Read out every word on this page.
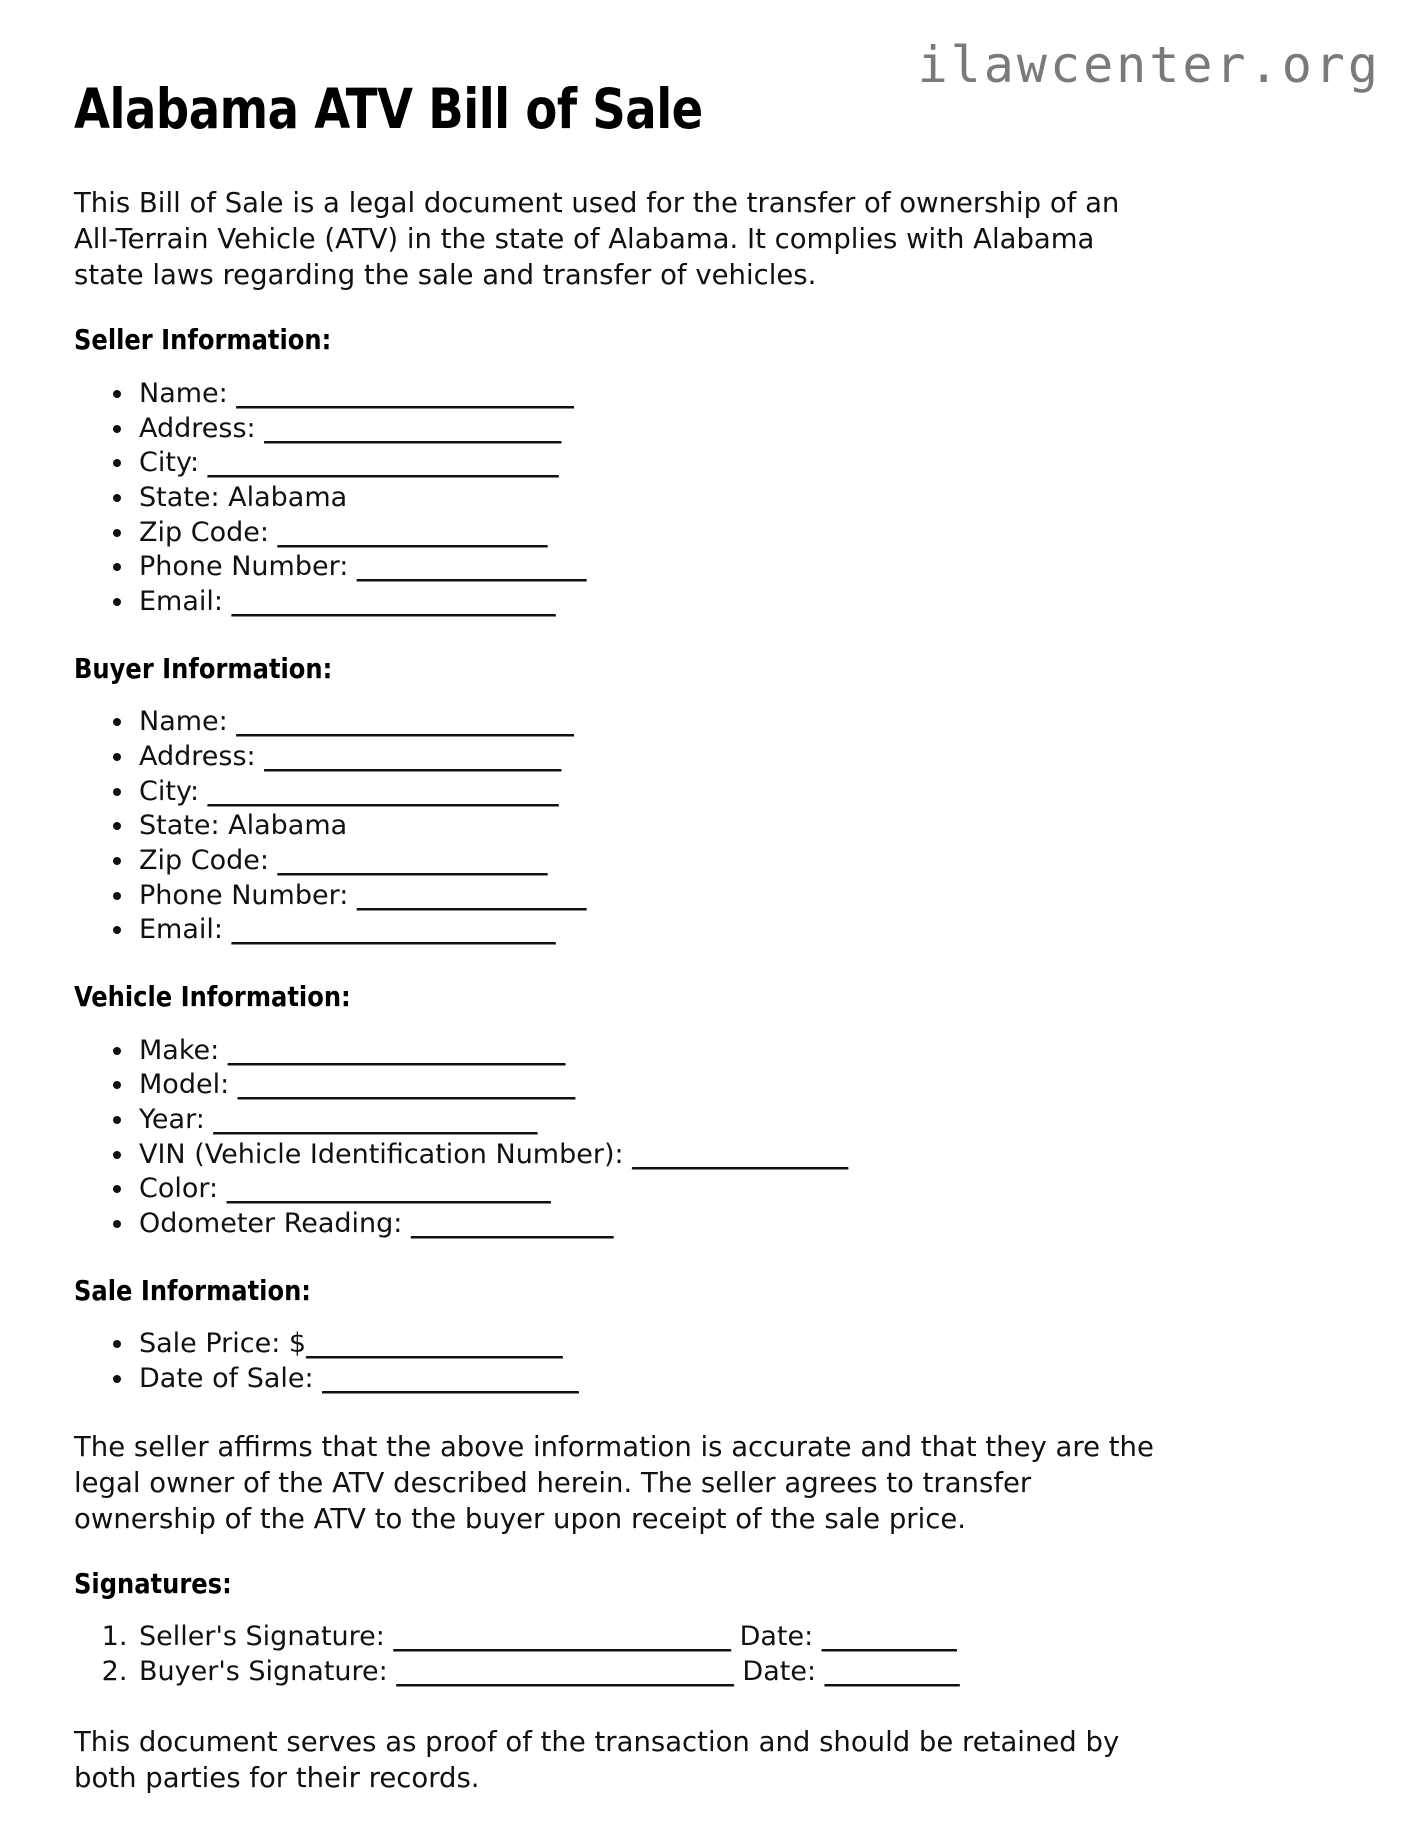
ilawcenter.org
Alabama ATV Bill of Sale

This Bill of Sale is a legal document used for the transfer of ownership of an All-Terrain Vehicle (ATV) in the state of Alabama. It complies with Alabama state laws regarding the sale and transfer of vehicles.

Seller Information:
• Name: _________________________
• Address: ______________________
• City: __________________________
• State: Alabama
• Zip Code: ____________________
• Phone Number: _________________
• Email: ________________________
Buyer Information:
• Name: _________________________
• Address: ______________________
• City: __________________________
• State: Alabama
• Zip Code: ____________________
• Phone Number: _________________
• Email: ________________________
Vehicle Information:
• Make: _________________________
• Model: _________________________
• Year: ________________________
• VIN (Vehicle Identification Number): ________________
• Color: ________________________
• Odometer Reading: _______________
Sale Information:
• Sale Price: $___________________
• Date of Sale: ___________________

The seller affirms that the above information is accurate and that they are the legal owner of the ATV described herein. The seller agrees to transfer ownership of the ATV to the buyer upon receipt of the sale price.

Signatures:
1. Seller's Signature: _________________________ Date: __________
2. Buyer's Signature: _________________________ Date: __________

This document serves as proof of the transaction and should be retained by both parties for their records.
